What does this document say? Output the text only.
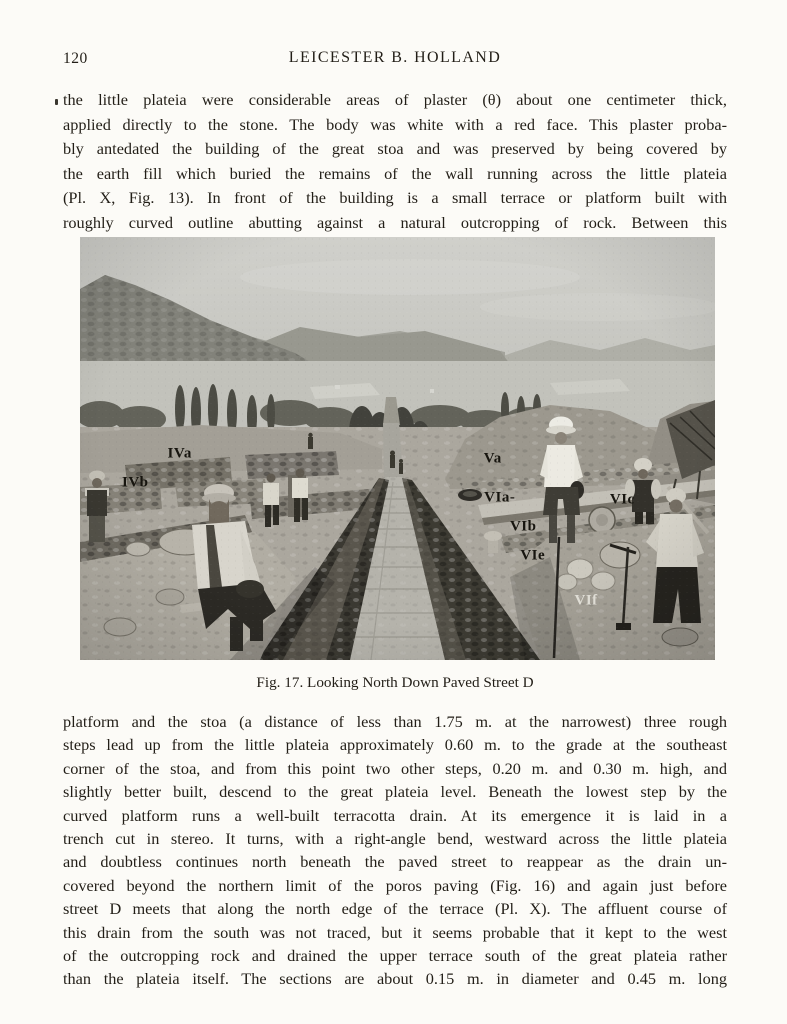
120	LEICESTER B. HOLLAND
the little plateia were considerable areas of plaster (θ) about one centimeter thick,
applied directly to the stone. The body was white with a red face. This plaster proba-
bly antedated the building of the great stoa and was preserved by being covered by
the earth fill which buried the remains of the wall running across the little plateia
(Pl. X, Fig. 13). In front of the building is a small terrace or platform built with
roughly curved outline abutting against a natural outcropping of rock. Between this
IVa
IVb
Va
VIa-	VIc
VIb
VIe
VIf
Fig. 17. Looking North Down Paved Street D
platform and the stoa (a distance of less than 1.75 m. at the narrowest) three rough
steps lead up from the little plateia approximately 0.60 m. to the grade at the southeast
corner of the stoa, and from this point two other steps, 0.20 m. and 0.30 m. high, and
slightly better built, descend to the great plateia level. Beneath the lowest step by the
curved platform runs a well-built terracotta drain. At its emergence it is laid in a
trench cut in stereo. It turns, with a right-angle bend, westward across the little plateia
and doubtless continues north beneath the paved street to reappear as the drain un-
covered beyond the northern limit of the poros paving (Fig. 16) and again just before
street D meets that along the north edge of the terrace (Pl. X). The affluent course of
this drain from the south was not traced, but it seems probable that it kept to the west
of the outcropping rock and drained the upper terrace south of the great plateia rather
than the plateia itself. The sections are about 0.15 m. in diameter and 0.45 m. long
